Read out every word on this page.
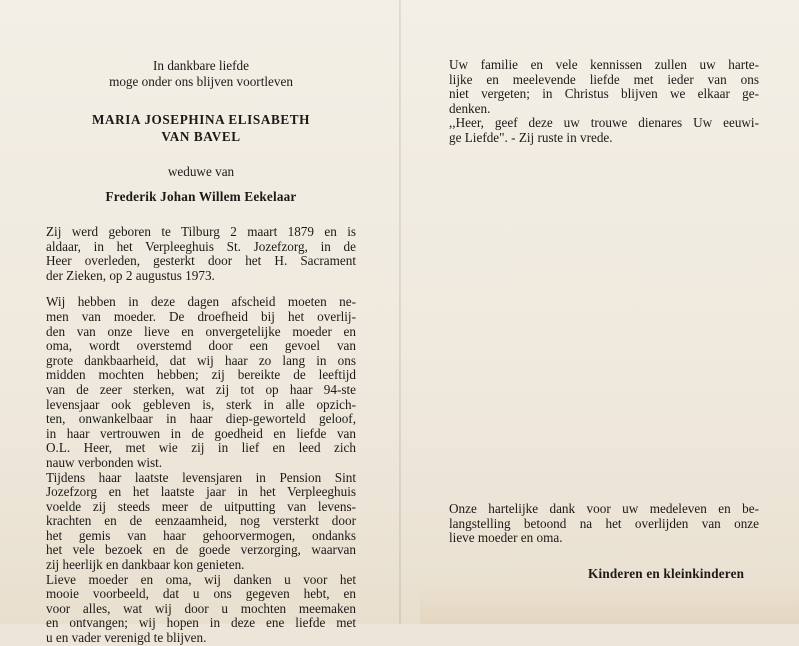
In dankbare liefde

moge onder ons blijven voortleven

MARIA JOSEPHINA ELISABETH

VAN BAVEL

weduwe van

Frederik Johan Willem Eekelaar

Zij werd geboren te Tilburg 2 maart 1879 en is
aldaar, in het Verpleeghuis St. Jozefzorg, in de
Heer overleden, gesterkt door het H. Sacrament
der Zieken, op 2 augustus 1973.

Wij hebben in deze dagen afscheid moeten ne-
men van moeder. De droefheid bij het overlij-
den van onze lieve en onvergetelijke moeder en
oma, wordt overstemd door een gevoel van
grote dankbaarheid, dat wij haar zo lang in ons
midden mochten hebben; zij bereikte de leeftijd
van de zeer sterken, wat zij tot op haar 94-ste
levensjaar ook gebleven is, sterk in alle opzich-
ten, onwankelbaar in haar diep-geworteld geloof,
in haar vertrouwen in de goedheid en liefde van
O.L. Heer, met wie zij in lief en leed zich
nauw verbonden wist.
Tijdens haar laatste levensjaren in Pension Sint
Jozefzorg en het laatste jaar in het Verpleeghuis
voelde zij steeds meer de uitputting van levens-
krachten en de eenzaamheid, nog versterkt door
het gemis van haar gehoorvermogen, ondanks
het vele bezoek en de goede verzorging, waarvan
zij heerlijk en dankbaar kon genieten.
Lieve moeder en oma, wij danken u voor het
mooie voorbeeld, dat u ons gegeven hebt, en
voor alles, wat wij door u mochten meemaken
en ontvangen; wij hopen in deze ene liefde met
u en vader verenigd te blijven.

Uw familie en vele kennissen zullen uw harte-
lijke en meelevende liefde met ieder van ons
niet vergeten; in Christus blijven we elkaar ge-
denken.
,,Heer, geef deze uw trouwe dienares Uw eeuwi-
ge Liefde". - Zij ruste in vrede.

Onze hartelijke dank voor uw medeleven en be-
langstelling betoond na het overlijden van onze
lieve moeder en oma.

Kinderen en kleinkinderen
